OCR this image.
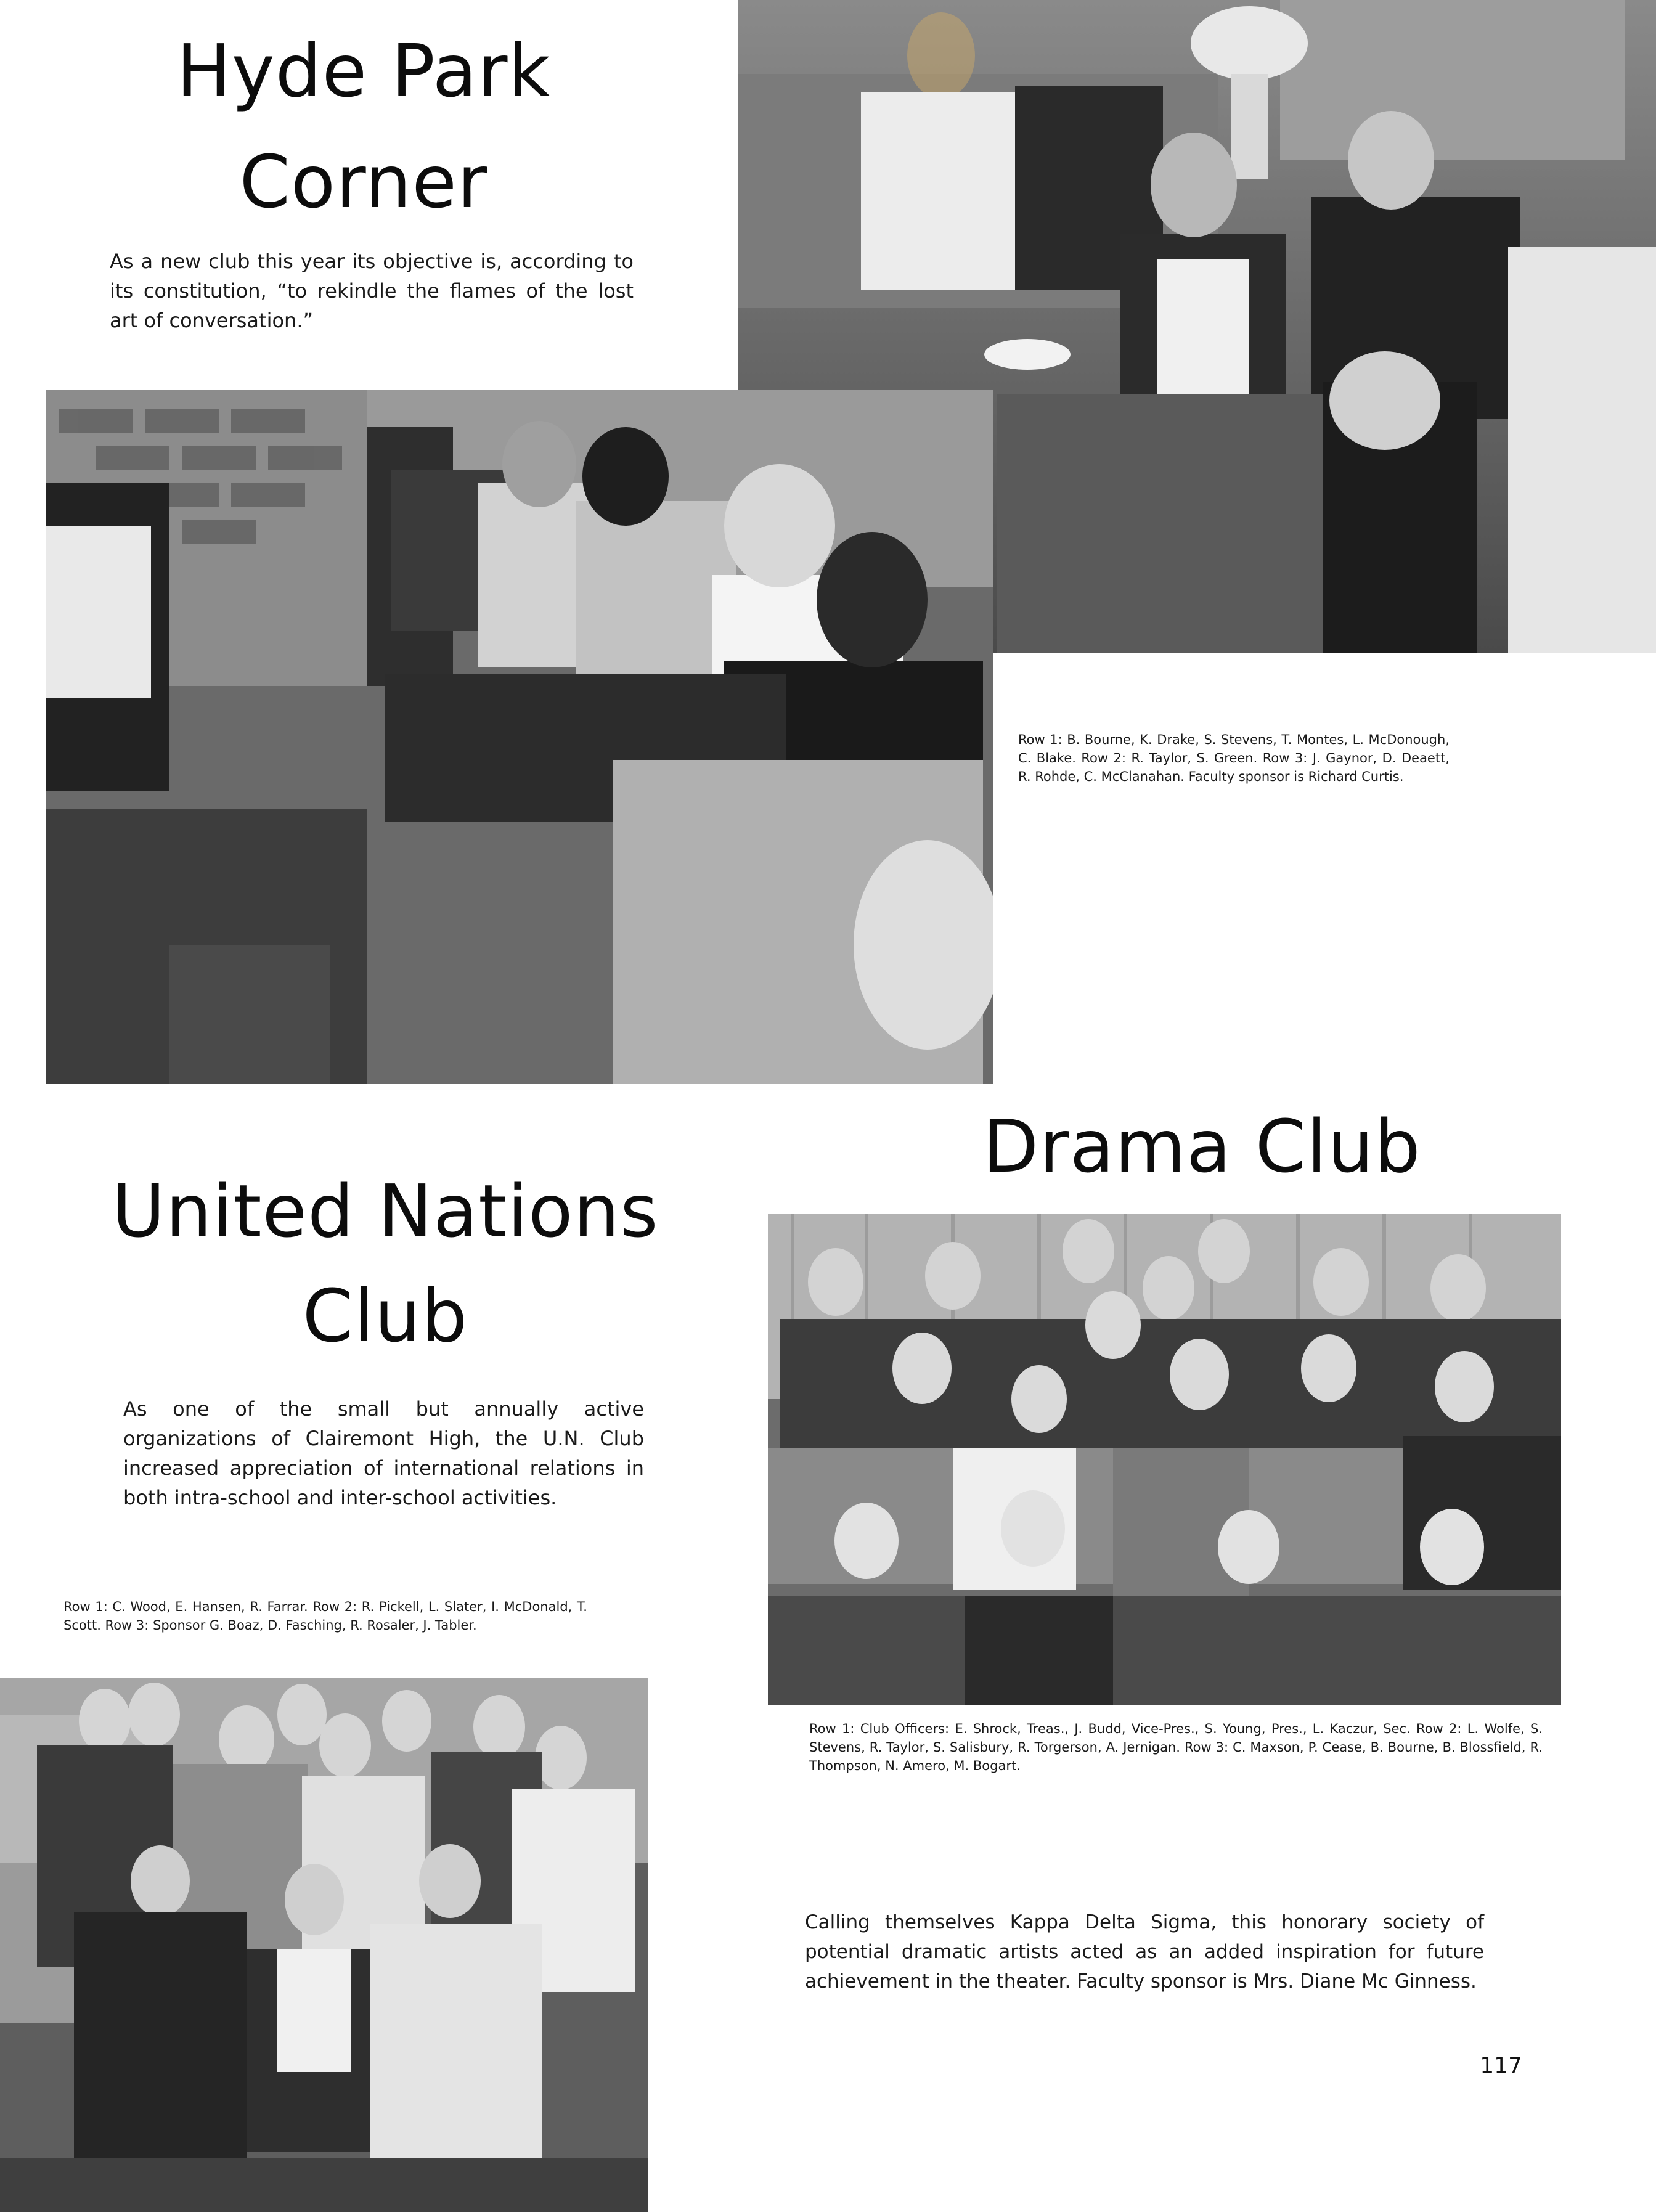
Hyde Park
Corner
As a new club this year its objective is, according to its constitution, “to rekindle the flames of the lost art of conversation.”
Row 1: B. Bourne, K. Drake, S. Stevens, T. Montes, L. McDonough, C. Blake. Row 2: R. Taylor, S. Green. Row 3: J. Gaynor, D. Deaett, R. Rohde, C. McClanahan. Faculty sponsor is Richard Curtis.
United Nations
Club
As one of the small but annually active organizations of Clairemont High, the U.N. Club increased appreciation of international relations in both intra-school and inter-school activities.
Row 1: C. Wood, E. Hansen, R. Farrar. Row 2: R. Pickell, L. Slater, I. McDonald, T. Scott. Row 3: Sponsor G. Boaz, D. Fasching, R. Rosaler, J. Tabler.
Drama Club
Row 1: Club Officers: E. Shrock, Treas., J. Budd, Vice-Pres., S. Young, Pres., L. Kaczur, Sec. Row 2: L. Wolfe, S. Stevens, R. Taylor, S. Salisbury, R. Torgerson, A. Jernigan. Row 3: C. Maxson, P. Cease, B. Bourne, B. Blossfield, R. Thompson, N. Amero, M. Bogart.
Calling themselves Kappa Delta Sigma, this honorary society of potential dramatic artists acted as an added inspiration for future achievement in the theater. Faculty sponsor is Mrs. Diane Mc Ginness.
117
